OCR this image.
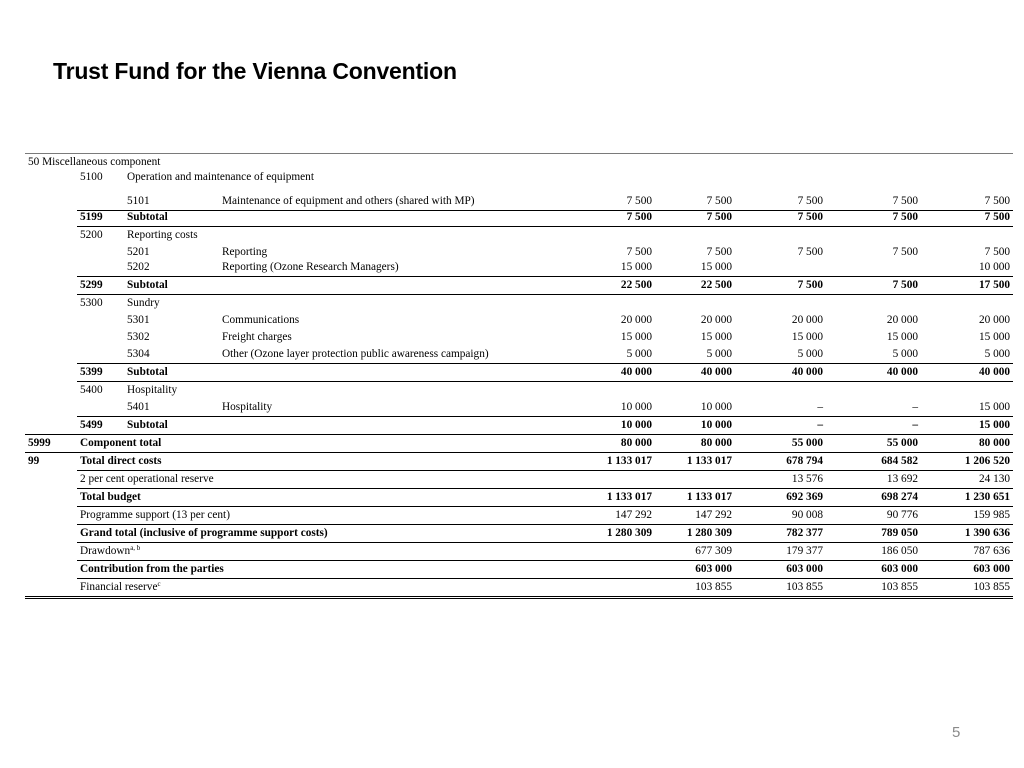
Trust Fund for the Vienna Convention
50 Miscellaneous component								
	5100	Operation and maintenance of equipment						
		5101	Maintenance of equipment and others (shared with MP)	7 500	7 500	7 500	7 500	7 500
	5199	Subtotal		7 500	7 500	7 500	7 500	7 500
	5200	Reporting costs						
		5201	Reporting	7 500	7 500	7 500	7 500	7 500
		5202	Reporting (Ozone Research Managers)	15 000	15 000			10 000
	5299	Subtotal		22 500	22 500	7 500	7 500	17 500
	5300	Sundry						
		5301	Communications	20 000	20 000	20 000	20 000	20 000
		5302	Freight charges	15 000	15 000	15 000	15 000	15 000
		5304	Other (Ozone layer protection public awareness campaign)	5 000	5 000	5 000	5 000	5 000
	5399	Subtotal		40 000	40 000	40 000	40 000	40 000
	5400	Hospitality						
		5401	Hospitality	10 000	10 000	–	–	15 000
	5499	Subtotal		10 000	10 000	–	–	15 000
5999	Component total			80 000	80 000	55 000	55 000	80 000
99	Total direct costs			1 133 017	1 133 017	678 794	684 582	1 206 520
	2 per cent operational reserve					13 576	13 692	24 130
	Total budget			1 133 017	1 133 017	692 369	698 274	1 230 651
	Programme support (13 per cent)			147 292	147 292	90 008	90 776	159 985
	Grand total (inclusive of programme support costs)			1 280 309	1 280 309	782 377	789 050	1 390 636
	Drawdown$^{a, b}$				677 309	179 377	186 050	787 636
	Contribution from the parties				603 000	603 000	603 000	603 000
	Financial reserve$^c$				103 855	103 855	103 855	103 855
5
